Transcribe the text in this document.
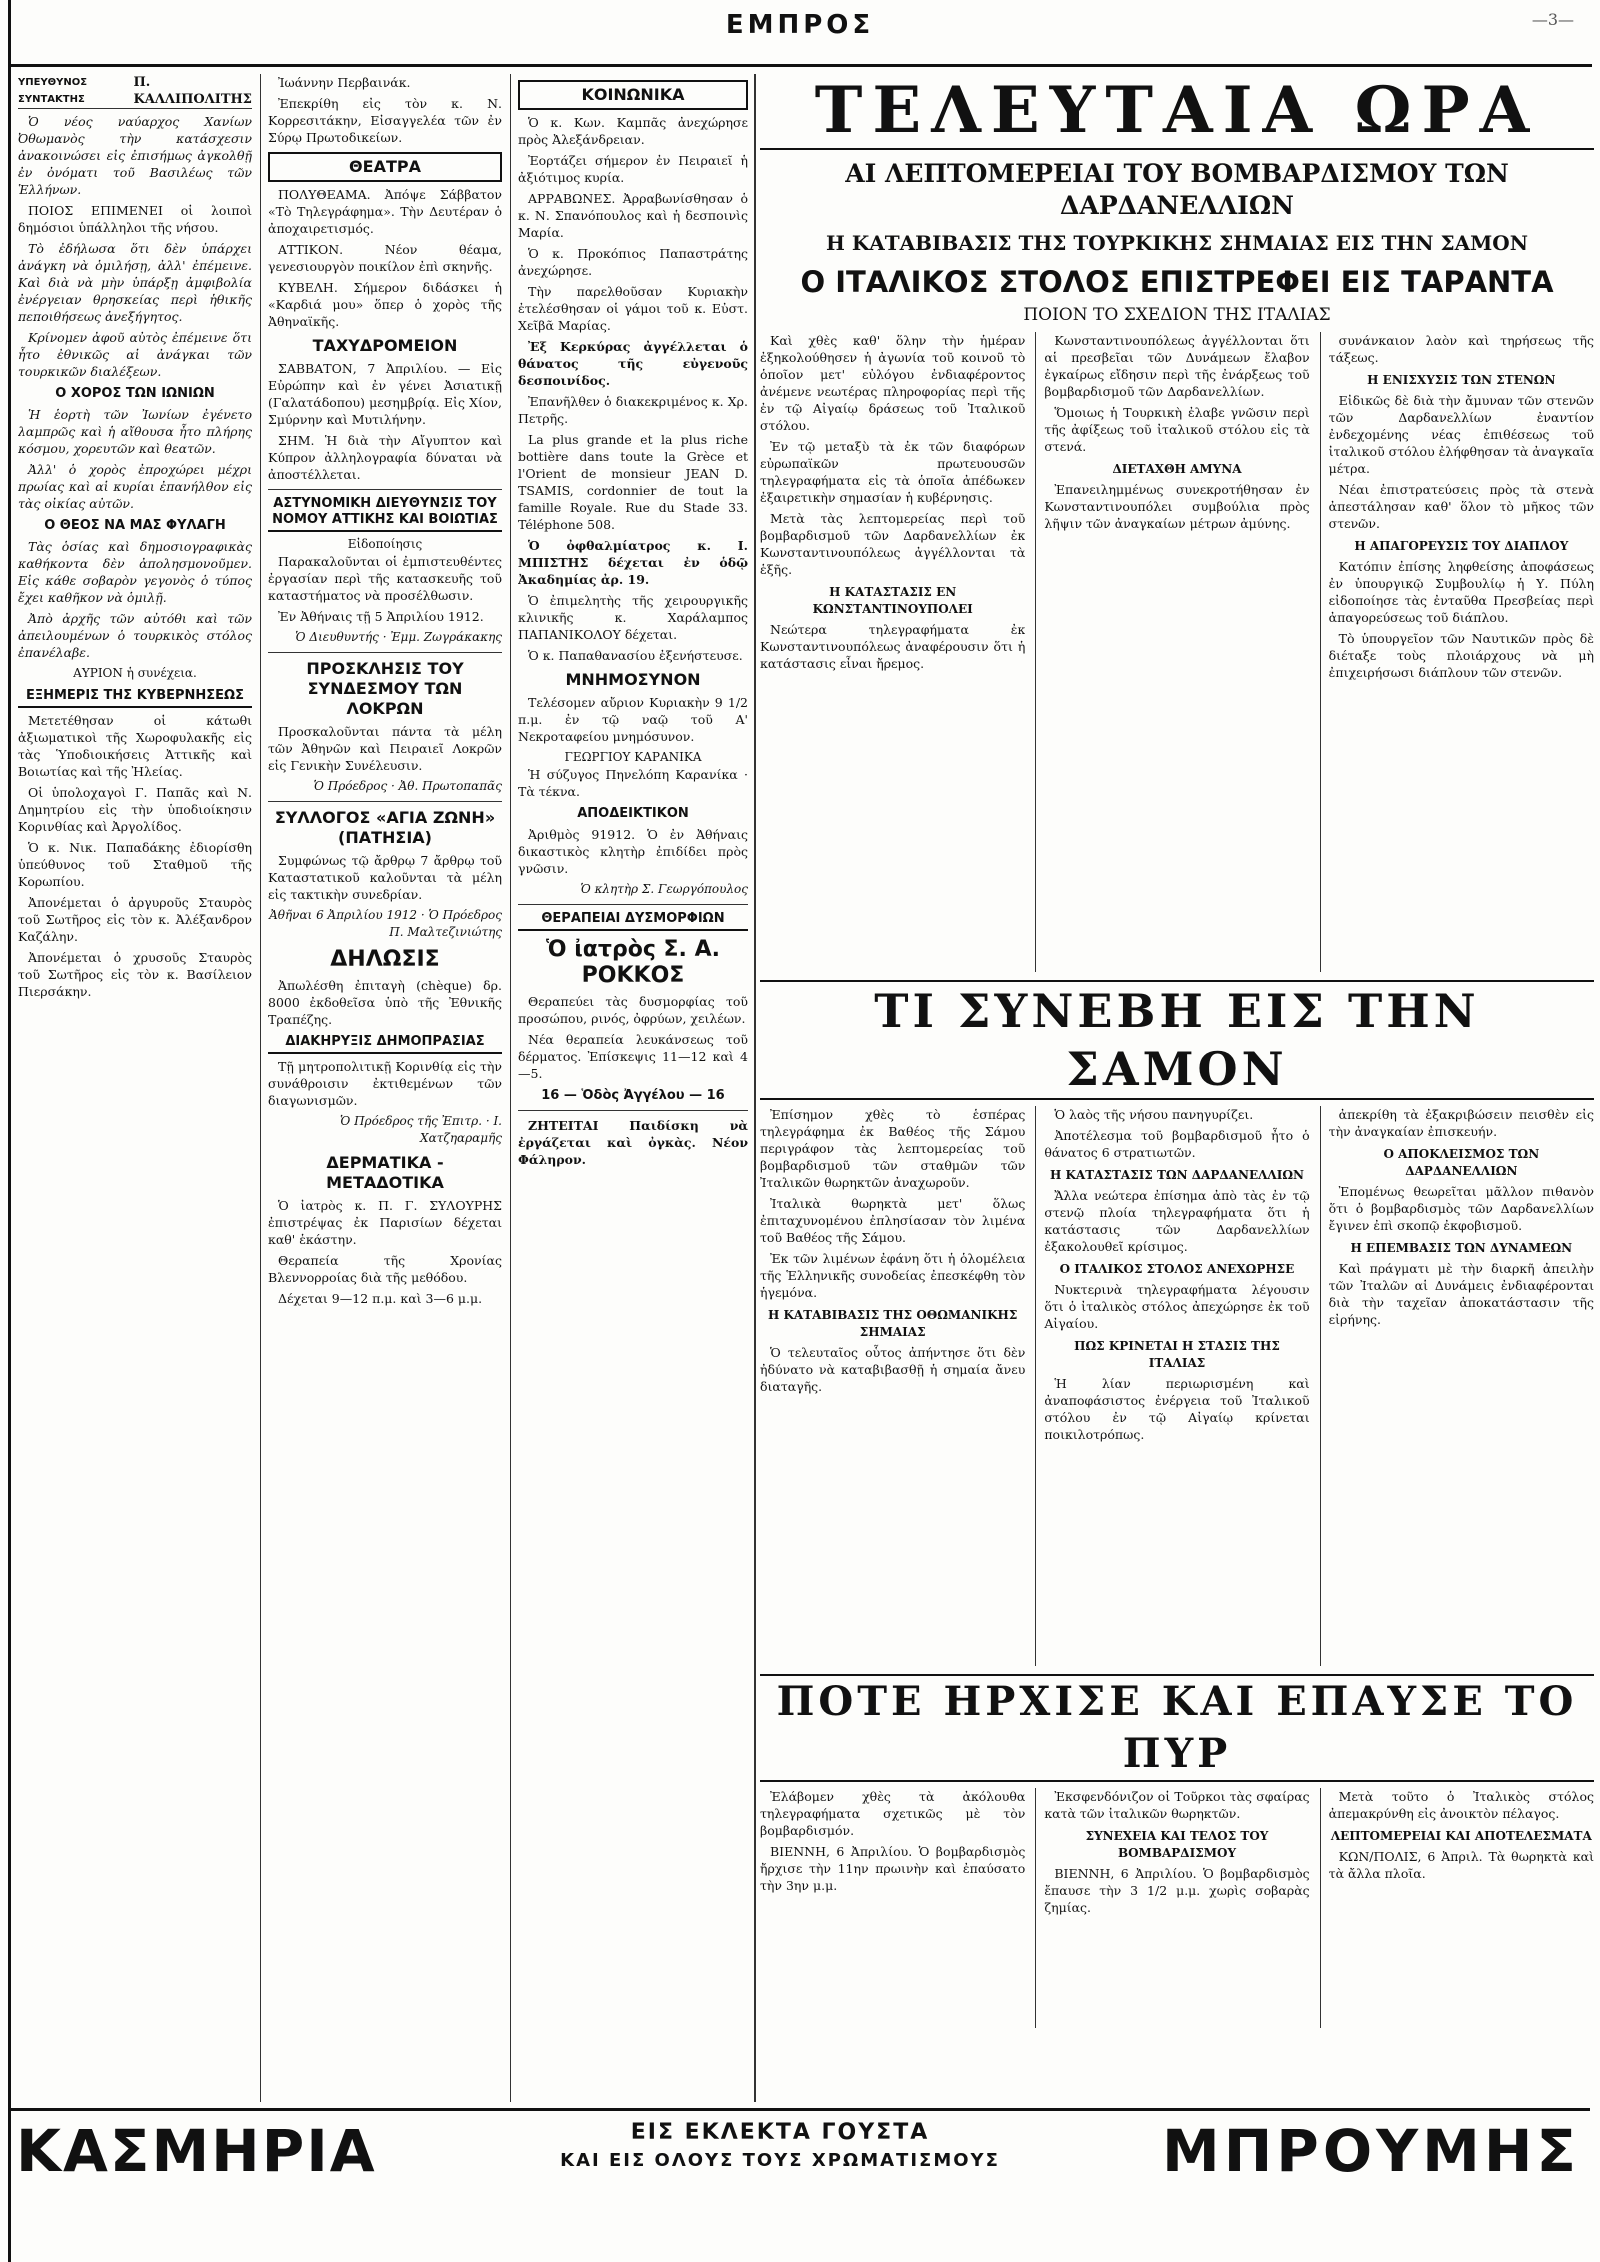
ΕΜΠΡΟΣ	—3—
ΥΠΕΥΘΥΝΟΣ ΣΥΝΤΑΚΤΗΣ
Π. ΚΑΛΛΙΠΟΛΙΤΗΣ

Ὁ νέος ναύαρχος Χανίων Ὀθωμανὸς τὴν κατάσχεσιν ἀνακοινώσει εἰς ἐπισήμως ἀγκολθῇ ἐν ὀνόματι τοῦ Βασιλέως τῶν Ἑλλήνων.

ΠΟΙΟΣ ΕΠΙΜΕΝΕΙ οἱ λοιποὶ δημόσιοι ὑπάλληλοι τῆς νήσου.

Τὸ ἐδήλωσα ὅτι δὲν ὑπάρχει ἀνάγκη νὰ ὁμιλήσῃ, ἀλλ' ἐπέμεινε. Καὶ διὰ νὰ μὴν ὑπάρξῃ ἀμφιβολία ἐνέργειαν θρησκείας περὶ ἡθικῆς πεποιθήσεως ἀνεξήγητος.

Κρίνομεν ἀφοῦ αὐτὸς ἐπέμεινε ὅτι ἦτο ἐθνικῶς αἱ ἀνάγκαι τῶν τουρκικῶν διαλέξεων.

Ο ΧΟΡΟΣ ΤΩΝ ΙΩΝΙΩΝ

Ἡ ἑορτὴ τῶν Ἰωνίων ἐγένετο λαμπρῶς καὶ ἡ αἴθουσα ἦτο πλήρης κόσμου, χορευτῶν καὶ θεατῶν.

Ἀλλ' ὁ χορὸς ἐπροχώρει μέχρι πρωίας καὶ αἱ κυρίαι ἐπανήλθον εἰς τὰς οἰκίας αὐτῶν.

Ο ΘΕΟΣ ΝΑ ΜΑΣ ΦΥΛΑΓΗ

Τὰς ὁσίας καὶ δημοσιογραφικὰς καθήκοντα δὲν ἀπολησμονοῦμεν. Εἰς κάθε σοβαρὸν γεγονὸς ὁ τύπος ἔχει καθῆκον νὰ ὁμιλῇ.

Ἀπὸ ἀρχῆς τῶν αὐτόθι καὶ τῶν ἀπειλουμένων ὁ τουρκικὸς στόλος ἐπανέλαβε.

ΑΥΡΙΟΝ ἡ συνέχεια.
ΕΞΗΜΕΡΙΣ ΤΗΣ ΚΥΒΕΡΝΗΣΕΩΣ

Μετετέθησαν οἱ κάτωθι ἀξιωματικοὶ τῆς Χωροφυλακῆς εἰς τὰς Ὑποδιοικήσεις Ἀττικῆς καὶ Βοιωτίας καὶ τῆς Ἠλείας.

Οἱ ὑπολοχαγοὶ Γ. Παπᾶς καὶ Ν. Δημητρίου εἰς τὴν ὑποδιοίκησιν Κορινθίας καὶ Ἀργολίδος.

Ὁ κ. Νικ. Παπαδάκης ἐδιορίσθη ὑπεύθυνος τοῦ Σταθμοῦ τῆς Κορωπίου.

Ἀπονέμεται ὁ ἀργυροῦς Σταυρὸς τοῦ Σωτῆρος εἰς τὸν κ. Ἀλέξανδρον Καζάλην.

Ἀπονέμεται ὁ χρυσοῦς Σταυρὸς τοῦ Σωτῆρος εἰς τὸν κ. Βασίλειον Πιερσάκην.

Ἰωάννην Περβαινάκ.

Ἐπεκρίθη εἰς τὸν κ. Ν. Κορρεσιτάκην, Εἰσαγγελέα τῶν ἐν Σύρῳ Πρωτοδικείων.

ΘΕΑΤΡΑ

ΠΟΛΥΘΕΑΜΑ. Ἀπόψε Σάββατον «Τὸ Τηλεγράφημα». Τὴν Δευτέραν ὁ ἀποχαιρετισμός.

ΑΤΤΙΚΟΝ. Νέον θέαμα, γενεσιουργὸν ποικίλον ἐπὶ σκηνῆς.

ΚΥΒΕΛΗ. Σήμερον διδάσκει ἡ «Καρδιά μου» ὅπερ ὁ χορὸς τῆς Ἀθηναϊκῆς.

ΤΑΧΥΔΡΟΜΕΙΟΝ

ΣΑΒΒΑΤΟΝ, 7 Ἀπριλίου. — Εἰς Εὐρώπην καὶ ἐν γένει Ἀσιατικῇ (Γαλατάδοπου) μεσημβρίᾳ. Εἰς Χίον, Σμύρνην καὶ Μυτιλήνην.

ΣΗΜ. Ἡ διὰ τὴν Αἴγυπτον καὶ Κύπρον ἀλληλογραφία δύναται νὰ ἀποστέλλεται.

ΑΣΤΥΝΟΜΙΚΗ ΔΙΕΥΘΥΝΣΙΣ ΤΟΥ ΝΟΜΟΥ ΑΤΤΙΚΗΣ ΚΑΙ ΒΟΙΩΤΙΑΣ
Εἰδοποίησις

Παρακαλοῦνται οἱ ἐμπιστευθέντες ἐργασίαν περὶ τῆς κατασκευῆς τοῦ καταστήματος νὰ προσέλθωσιν.

Ἐν Ἀθήναις τῇ 5 Ἀπριλίου 1912.

Ὁ Διευθυντής · Ἐμμ. Ζωγράκακης
ΠΡΟΣΚΛΗΣΙΣ ΤΟΥ ΣΥΝΔΕΣΜΟΥ ΤΩΝ ΛΟΚΡΩΝ

Προσκαλοῦνται πάντα τὰ μέλη τῶν Ἀθηνῶν καὶ Πειραιεῖ Λοκρῶν εἰς Γενικὴν Συνέλευσιν.

Ὁ Πρόεδρος · Ἀθ. Πρωτοπαπᾶς
ΣΥΛΛΟΓΟΣ «ΑΓΙΑ ΖΩΝΗ» (ΠΑΤΗΣΙΑ)

Συμφώνως τῷ ἄρθρῳ 7 ἄρθρῳ τοῦ Καταστατικοῦ καλοῦνται τὰ μέλη εἰς τακτικὴν συνεδρίαν.

Ἀθῆναι 6 Ἀπριλίου 1912 · Ὁ Πρόεδρος Π. Μαλτεζινιώτης
ΔΗΛΩΣΙΣ

Ἀπωλέσθη ἐπιταγὴ (chèque) δρ. 8000 ἐκδοθεῖσα ὑπὸ τῆς Ἐθνικῆς Τραπέζης.

ΔΙΑΚΗΡΥΞΙΣ ΔΗΜΟΠΡΑΣΙΑΣ

Τῇ μητροπολιτικῇ Κορινθίᾳ εἰς τὴν συνάθροισιν ἐκτιθεμένων τῶν διαγωνισμῶν.

Ὁ Πρόεδρος τῆς Ἐπιτρ. · Ι. Χατζηαραμῆς
ΔΕΡΜΑΤΙΚΑ - ΜΕΤΑΔΟΤΙΚΑ

Ὁ ἰατρὸς κ. Π. Γ. ΣΥΛΟΥΡΗΣ ἐπιστρέψας ἐκ Παρισίων δέχεται καθ' ἑκάστην.

Θεραπεία τῆς Χρονίας Βλεννορροίας διὰ τῆς μεθόδου.

Δέχεται 9—12 π.μ. καὶ 3—6 μ.μ.

ΚΟΙΝΩΝΙΚΑ

Ὁ κ. Κων. Καμπᾶς ἀνεχώρησε πρὸς Ἀλεξάνδρειαν.

Ἐορτάζει σήμερον ἐν Πειραιεῖ ἡ ἀξιότιμος κυρία.

ΑΡΡΑΒΩΝΕΣ. Ἀρραβωνίσθησαν ὁ κ. Ν. Σπανόπουλος καὶ ἡ δεσποινὶς Μαρία.

Ὁ κ. Προκόπιος Παπαστράτης ἀνεχώρησε.

Τὴν παρελθοῦσαν Κυριακὴν ἐτελέσθησαν οἱ γάμοι τοῦ κ. Εὐστ. Χεῖβᾶ Μαρίας.

Ἐξ Κερκύρας ἀγγέλλεται ὁ θάνατος τῆς εὐγενοῦς δεσποινίδος.

Ἐπανῆλθεν ὁ διακεκριμένος κ. Χρ. Πετρῆς.

La plus grande et la plus riche bottière dans toute la Grèce et l'Orient de monsieur JEAN D. TSAMIS, cordonnier de tout la famille Royale. Rue du Stade 33. Téléphone 508.

Ὁ ὀφθαλμίατρος κ. Ι. ΜΠΙΣΤΗΣ δέχεται ἐν ὁδῷ Ἀκαδημίας ἀρ. 19.

Ὁ ἐπιμελητὴς τῆς χειρουργικῆς κλινικῆς κ. Χαράλαμπος ΠΑΠΑΝΙΚΟΛΟΥ δέχεται.

Ὁ κ. Παπαθανασίου ἐξενήστευσε.

ΜΝΗΜΟΣΥΝΟΝ

Τελέσομεν αὔριον Κυριακὴν 9 1/2 π.μ. ἐν τῷ ναῷ τοῦ Α' Νεκροταφείου μνημόσυνον.

ΓΕΩΡΓΙΟΥ ΚΑΡΑΝΙΚΑ

Ἡ σύζυγος Πηνελόπη Καρανίκα · Τὰ τέκνα.

ΑΠΟΔΕΙΚΤΙΚΟΝ

Ἀριθμὸς 91912. Ὁ ἐν Ἀθήναις δικαστικὸς κλητὴρ ἐπιδίδει πρὸς γνῶσιν.

Ὁ κλητὴρ Σ. Γεωργόπουλος
ΘΕΡΑΠΕΙΑΙ ΔΥΣΜΟΡΦΙΩΝ
Ὁ ἰατρὸς Σ. Α. ΡΟΚΚΟΣ

Θεραπεύει τὰς δυσμορφίας τοῦ προσώπου, ρινός, ὀφρύων, χειλέων.

Νέα θεραπεία λευκάνσεως τοῦ δέρματος. Ἐπίσκεψις 11—12 καὶ 4—5.

16 — Ὁδὸς Ἀγγέλου — 16

ΖΗΤΕΙΤΑΙ Παιδίσκη νὰ ἐργάζεται καὶ ὀγκὰς. Νέον Φάληρον.

ΤΕΛΕΥΤΑΙΑ ΩΡΑ
ΑΙ ΛΕΠΤΟΜΕΡΕΙΑΙ ΤΟΥ ΒΟΜΒΑΡΔΙΣΜΟΥ ΤΩΝ ΔΑΡΔΑΝΕΛΛΙΩΝ
Η ΚΑΤΑΒΙΒΑΣΙΣ ΤΗΣ ΤΟΥΡΚΙΚΗΣ ΣΗΜΑΙΑΣ ΕΙΣ ΤΗΝ ΣΑΜΟΝ
Ο ΙΤΑΛΙΚΟΣ ΣΤΟΛΟΣ ΕΠΙΣΤΡΕΦΕΙ ΕΙΣ ΤΑΡΑΝΤΑ
ΠΟΙΟΝ ΤΟ ΣΧΕΔΙΟΝ ΤΗΣ ΙΤΑΛΙΑΣ

Καὶ χθὲς καθ' ὅλην τὴν ἡμέραν ἐξηκολούθησεν ἡ ἀγωνία τοῦ κοινοῦ τὸ ὁποῖον μετ' εὐλόγου ἐνδιαφέροντος ἀνέμενε νεωτέρας πληροφορίας περὶ τῆς ἐν τῷ Αἰγαίῳ δράσεως τοῦ Ἰταλικοῦ στόλου.

Ἐν τῷ μεταξὺ τὰ ἐκ τῶν διαφόρων εὐρωπαϊκῶν πρωτευουσῶν τηλεγραφήματα εἰς τὰ ὁποῖα ἀπέδωκεν ἐξαιρετικὴν σημασίαν ἡ κυβέρνησις.

Μετὰ τὰς λεπτομερείας περὶ τοῦ βομβαρδισμοῦ τῶν Δαρδανελλίων ἐκ Κωνσταντινουπόλεως ἀγγέλλονται τὰ ἑξῆς.

Η ΚΑΤΑΣΤΑΣΙΣ ΕΝ ΚΩΝΣΤΑΝΤΙΝΟΥΠΟΛΕΙ

Νεώτερα τηλεγραφήματα ἐκ Κωνσταντινουπόλεως ἀναφέρουσιν ὅτι ἡ κατάστασις εἶναι ἤρεμος.

Κωνσταντινουπόλεως ἀγγέλλονται ὅτι αἱ πρεσβεῖαι τῶν Δυνάμεων ἔλαβον ἐγκαίρως εἴδησιν περὶ τῆς ἐνάρξεως τοῦ βομβαρδισμοῦ τῶν Δαρδανελλίων.

Ὅμοιως ἡ Τουρκικὴ ἐλαβε γνῶσιν περὶ τῆς ἀφίξεως τοῦ ἰταλικοῦ στόλου εἰς τὰ στενά.

ΔΙΕΤΑΧΘΗ ΑΜΥΝΑ

Ἐπανειλημμένως συνεκροτήθησαν ἐν Κωνσταντινουπόλει συμβούλια πρὸς λῆψιν τῶν ἀναγκαίων μέτρων ἀμύνης.

συνάνκαιον λαὸν καὶ τηρήσεως τῆς τάξεως.

Η ΕΝΙΣΧΥΣΙΣ ΤΩΝ ΣΤΕΝΩΝ

Εἰδικῶς δὲ διὰ τὴν ἄμυναν τῶν στενῶν τῶν Δαρδανελλίων ἐναντίον ἐνδεχομένης νέας ἐπιθέσεως τοῦ ἰταλικοῦ στόλου ἐλήφθησαν τὰ ἀναγκαῖα μέτρα.

Νέαι ἐπιστρατεύσεις πρὸς τὰ στενὰ ἀπεστάλησαν καθ' ὅλον τὸ μῆκος τῶν στενῶν.

Η ΑΠΑΓΟΡΕΥΣΙΣ ΤΟΥ ΔΙΑΠΛΟΥ

Κατόπιν ἐπίσης ληφθείσης ἀποφάσεως ἐν ὑπουργικῷ Συμβουλίῳ ἡ Υ. Πύλη εἰδοποίησε τὰς ἐνταῦθα Πρεσβείας περὶ ἀπαγορεύσεως τοῦ διάπλου.

Τὸ ὑπουργεῖον τῶν Ναυτικῶν πρὸς δὲ διέταξε τοὺς πλοιάρχους νὰ μὴ ἐπιχειρήσωσι διάπλουν τῶν στενῶν.

ΤΙ ΣΥΝΕΒΗ ΕΙΣ ΤΗΝ ΣΑΜΟΝ

Ἐπίσημον χθὲς τὸ ἑσπέρας τηλεγράφημα ἐκ Βαθέος τῆς Σάμου περιγράφον τὰς λεπτομερείας τοῦ βομβαρδισμοῦ τῶν σταθμῶν τῶν Ἰταλικῶν θωρηκτῶν ἀναχωροῦν.

Ἰταλικὰ θωρηκτὰ μετ' ὅλως ἐπιταχυνομένου ἐπλησίασαν τὸν λιμένα τοῦ Βαθέος τῆς Σάμου.

Ἐκ τῶν λιμένων ἐφάνη ὅτι ἡ ὁλομέλεια τῆς Ἑλληνικῆς συνοδείας ἐπεσκέφθη τὸν ἡγεμόνα.

Η ΚΑΤΑΒΙΒΑΣΙΣ ΤΗΣ ΟΘΩΜΑΝΙΚΗΣ ΣΗΜΑΙΑΣ

Ὁ τελευταῖος οὗτος ἀπήντησε ὅτι δὲν ἠδύνατο νὰ καταβιβασθῇ ἡ σημαία ἄνευ διαταγῆς.

Ὁ λαὸς τῆς νήσου πανηγυρίζει.

Ἀποτέλεσμα τοῦ βομβαρδισμοῦ ἦτο ὁ θάνατος 6 στρατιωτῶν.

Η ΚΑΤΑΣΤΑΣΙΣ ΤΩΝ ΔΑΡΔΑΝΕΛΛΙΩΝ

Ἄλλα νεώτερα ἐπίσημα ἀπὸ τὰς ἐν τῷ στενῷ πλοία τηλεγραφήματα ὅτι ἡ κατάστασις τῶν Δαρδανελλίων ἐξακολουθεῖ κρίσιμος.

Ο ΙΤΑΛΙΚΟΣ ΣΤΟΛΟΣ ΑΝΕΧΩΡΗΣΕ

Νυκτερινὰ τηλεγραφήματα λέγουσιν ὅτι ὁ ἰταλικὸς στόλος ἀπεχώρησε ἐκ τοῦ Αἰγαίου.

ΠΩΣ ΚΡΙΝΕΤΑΙ Η ΣΤΑΣΙΣ ΤΗΣ ΙΤΑΛΙΑΣ

Ἡ λίαν περιωρισμένη καὶ ἀναποφάσιστος ἐνέργεια τοῦ Ἰταλικοῦ στόλου ἐν τῷ Αἰγαίῳ κρίνεται ποικιλοτρόπως.

ἀπεκρίθη τὰ ἐξακριβώσειν πεισθὲν εἰς τὴν ἀναγκαίαν ἐπισκευήν.

Ο ΑΠΟΚΛΕΙΣΜΟΣ ΤΩΝ ΔΑΡΔΑΝΕΛΛΙΩΝ

Ἐπομένως θεωρεῖται μᾶλλον πιθανὸν ὅτι ὁ βομβαρδισμὸς τῶν Δαρδανελλίων ἔγινεν ἐπὶ σκοπῷ ἐκφοβισμοῦ.

Η ΕΠΕΜΒΑΣΙΣ ΤΩΝ ΔΥΝΑΜΕΩΝ

Καὶ πράγματι μὲ τὴν διαρκῆ ἀπειλὴν τῶν Ἰταλῶν αἱ Δυνάμεις ἐνδιαφέρονται διὰ τὴν ταχεῖαν ἀποκατάστασιν τῆς εἰρήνης.

ΠΟΤΕ ΗΡΧΙΣΕ ΚΑΙ ΕΠΑΥΣΕ ΤΟ ΠΥΡ

Ἐλάβομεν χθὲς τὰ ἀκόλουθα τηλεγραφήματα σχετικῶς μὲ τὸν βομβαρδισμόν.

ΒΙΕΝΝΗ, 6 Ἀπριλίου. Ὁ βομβαρδισμὸς ἤρχισε τὴν 11ην πρωινὴν καὶ ἐπαύσατο τὴν 3ην μ.μ.

Ἐκσφενδόνιζον οἱ Τοῦρκοι τὰς σφαίρας κατὰ τῶν ἰταλικῶν θωρηκτῶν.

ΣΥΝΕΧΕΙΑ ΚΑΙ ΤΕΛΟΣ ΤΟΥ ΒΟΜΒΑΡΔΙΣΜΟΥ

ΒΙΕΝΝΗ, 6 Ἀπριλίου. Ὁ βομβαρδισμὸς ἔπαυσε τὴν 3 1/2 μ.μ. χωρὶς σοβαρὰς ζημίας.

Μετὰ τοῦτο ὁ Ἰταλικὸς στόλος ἀπεμακρύνθη εἰς ἀνοικτὸν πέλαγος.

ΛΕΠΤΟΜΕΡΕΙΑΙ ΚΑΙ ΑΠΟΤΕΛΕΣΜΑΤΑ

ΚΩΝ/ΠΟΛΙΣ, 6 Ἀπριλ. Τὰ θωρηκτὰ καὶ τὰ ἄλλα πλοῖα.

ΚΑΣΜΗΡΙΑ	ΕΙΣ ΕΚΛΕΚΤΑ ΓΟΥΣΤΑ
ΚΑΙ ΕΙΣ ΟΛΟΥΣ ΤΟΥΣ ΧΡΩΜΑΤΙΣΜΟΥΣ	ΜΠΡΟΥΜΗΣ
